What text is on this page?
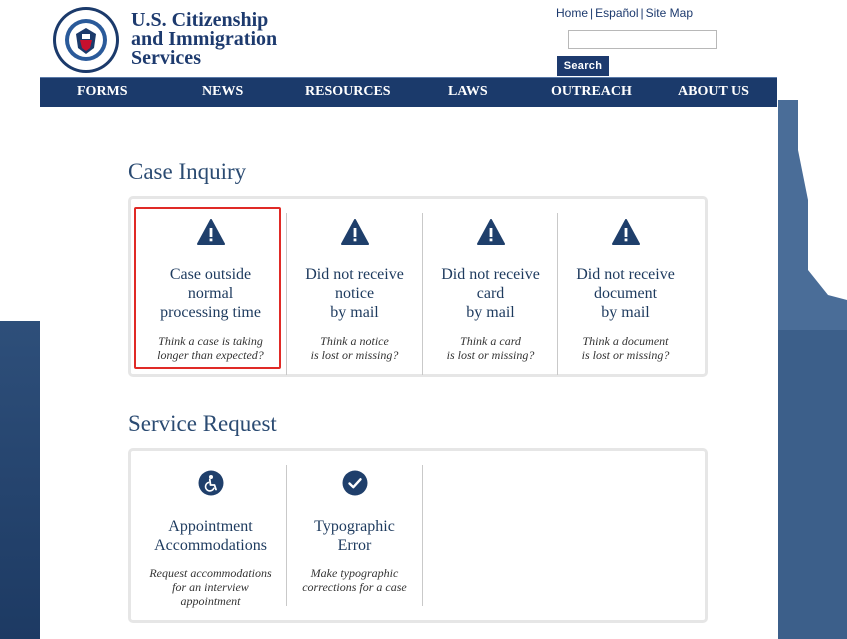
U.S. Citizenship
and Immigration
Services
Home | Español | Site Map
Search
FORMS	NEWS	RESOURCES	LAWS	OUTREACH	ABOUT US
Case Inquiry
Case outside
normal
processing time
Think a case is taking
longer than expected?
Did not receive
notice
by mail
Think a notice
is lost or missing?
Did not receive
card
by mail
Think a card
is lost or missing?
Did not receive
document
by mail
Think a document
is lost or missing?
Service Request
Appointment
Accommodations
Request accommodations
for an interview
appointment
Typographic
Error
Make typographic
corrections for a case
